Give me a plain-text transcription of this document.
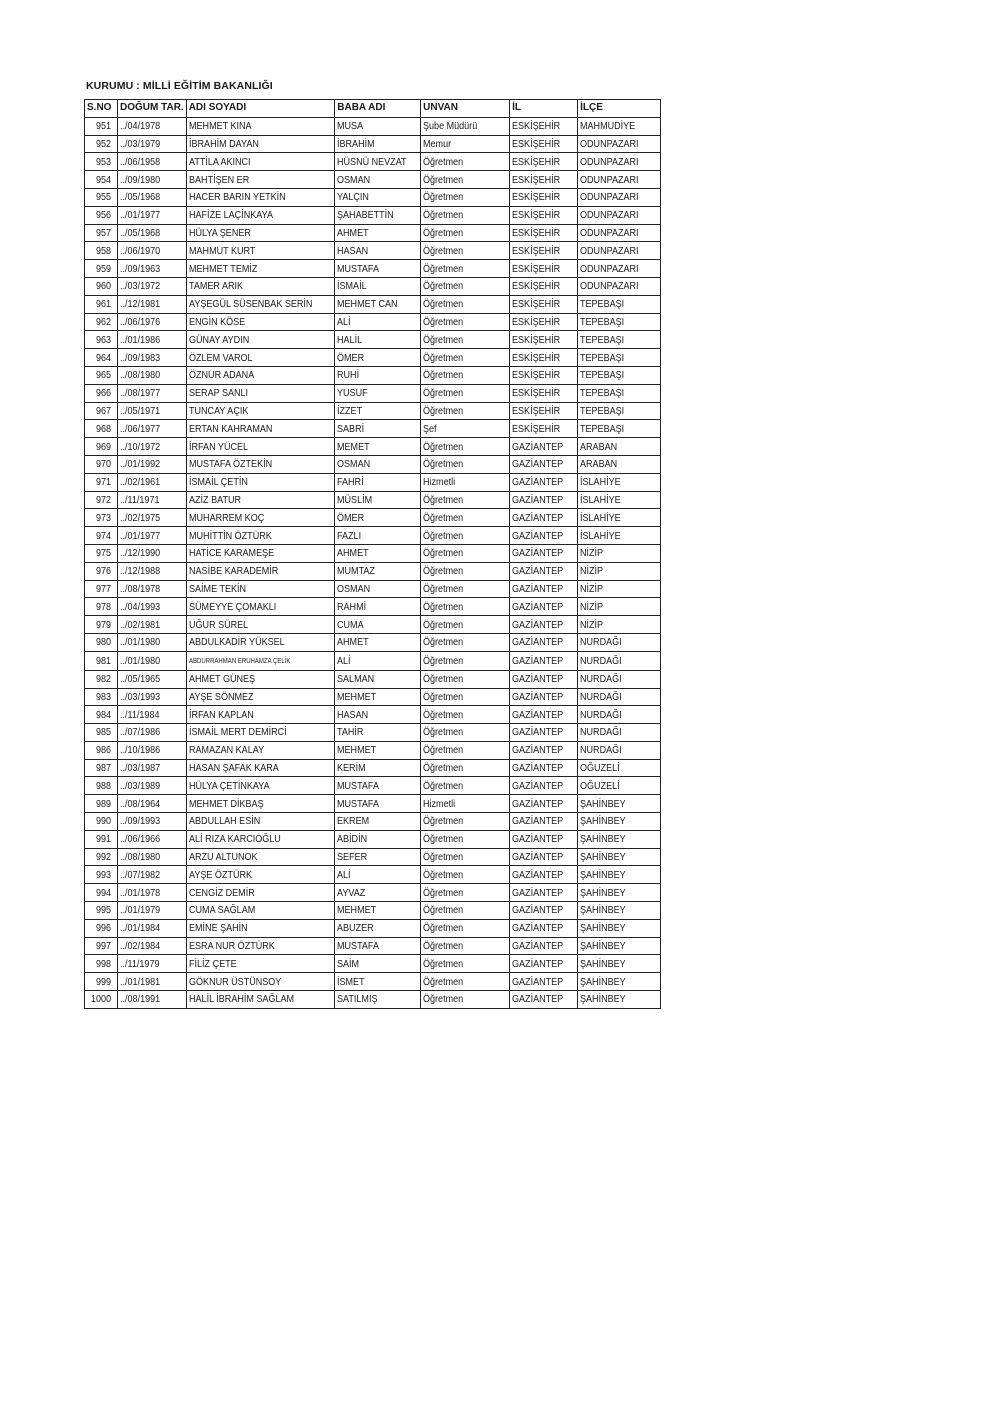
KURUMU : MİLLİ EĞİTİM BAKANLIĞI
S.NO	DOĞUM TAR.	ADI SOYADI	BABA ADI	UNVAN	İL	İLÇE
951	../04/1978	MEHMET KINA	MUSA	Şube Müdürü	ESKİŞEHİR	MAHMUDİYE
952	../03/1979	İBRAHİM DAYAN	İBRAHİM	Memur	ESKİŞEHİR	ODUNPAZARI
953	../06/1958	ATTİLA AKINCI	HÜSNÜ NEVZAT	Öğretmen	ESKİŞEHİR	ODUNPAZARI
954	../09/1980	BAHTİŞEN ER	OSMAN	Öğretmen	ESKİŞEHİR	ODUNPAZARI
955	../05/1968	HACER BARIN YETKİN	YALÇIN	Öğretmen	ESKİŞEHİR	ODUNPAZARI
956	../01/1977	HAFİZE LAÇİNKAYA	ŞAHABETTİN	Öğretmen	ESKİŞEHİR	ODUNPAZARI
957	../05/1968	HÜLYA ŞENER	AHMET	Öğretmen	ESKİŞEHİR	ODUNPAZARI
958	../06/1970	MAHMUT KURT	HASAN	Öğretmen	ESKİŞEHİR	ODUNPAZARI
959	../09/1963	MEHMET TEMİZ	MUSTAFA	Öğretmen	ESKİŞEHİR	ODUNPAZARI
960	../03/1972	TAMER ARIK	İSMAİL	Öğretmen	ESKİŞEHİR	ODUNPAZARI
961	../12/1981	AYŞEGÜL SÜSENBAK SERİN	MEHMET CAN	Öğretmen	ESKİŞEHİR	TEPEBAŞI
962	../06/1976	ENGİN KÖSE	ALİ	Öğretmen	ESKİŞEHİR	TEPEBAŞI
963	../01/1986	GÜNAY AYDIN	HALİL	Öğretmen	ESKİŞEHİR	TEPEBAŞI
964	../09/1983	ÖZLEM VAROL	ÖMER	Öğretmen	ESKİŞEHİR	TEPEBAŞI
965	../08/1980	ÖZNUR ADANA	RUHİ	Öğretmen	ESKİŞEHİR	TEPEBAŞI
966	../08/1977	SERAP SANLI	YUSUF	Öğretmen	ESKİŞEHİR	TEPEBAŞI
967	../05/1971	TUNCAY AÇIK	İZZET	Öğretmen	ESKİŞEHİR	TEPEBAŞI
968	../06/1977	ERTAN KAHRAMAN	SABRİ	Şef	ESKİŞEHİR	TEPEBAŞI
969	../10/1972	İRFAN YÜCEL	MEMET	Öğretmen	GAZİANTEP	ARABAN
970	../01/1992	MUSTAFA ÖZTEKİN	OSMAN	Öğretmen	GAZİANTEP	ARABAN
971	../02/1961	İSMAİL ÇETİN	FAHRİ	Hizmetli	GAZİANTEP	İSLAHİYE
972	../11/1971	AZİZ BATUR	MÜSLİM	Öğretmen	GAZİANTEP	İSLAHİYE
973	../02/1975	MUHARREM KOÇ	ÖMER	Öğretmen	GAZİANTEP	İSLAHİYE
974	../01/1977	MUHİTTİN ÖZTÜRK	FAZLI	Öğretmen	GAZİANTEP	İSLAHİYE
975	../12/1990	HATİCE KARAMEŞE	AHMET	Öğretmen	GAZİANTEP	NİZİP
976	../12/1988	NASİBE KARADEMİR	MUMTAZ	Öğretmen	GAZİANTEP	NİZİP
977	../08/1978	SAİME TEKİN	OSMAN	Öğretmen	GAZİANTEP	NİZİP
978	../04/1993	SÜMEYYE ÇOMAKLI	RAHMİ	Öğretmen	GAZİANTEP	NİZİP
979	../02/1981	UĞUR SÜREL	CUMA	Öğretmen	GAZİANTEP	NİZİP
980	../01/1980	ABDULKADİR YÜKSEL	AHMET	Öğretmen	GAZİANTEP	NURDAĞI
981	../01/1980	ABDURRAHMAN ERUHAMZA ÇELİK	ALİ	Öğretmen	GAZİANTEP	NURDAĞI
982	../05/1965	AHMET GÜNEŞ	SALMAN	Öğretmen	GAZİANTEP	NURDAĞI
983	../03/1993	AYŞE SÖNMEZ	MEHMET	Öğretmen	GAZİANTEP	NURDAĞI
984	../11/1984	İRFAN KAPLAN	HASAN	Öğretmen	GAZİANTEP	NURDAĞI
985	../07/1986	İSMAİL MERT DEMİRCİ	TAHİR	Öğretmen	GAZİANTEP	NURDAĞI
986	../10/1986	RAMAZAN KALAY	MEHMET	Öğretmen	GAZİANTEP	NURDAĞI
987	../03/1987	HASAN ŞAFAK KARA	KERİM	Öğretmen	GAZİANTEP	OĞUZELİ
988	../03/1989	HÜLYA ÇETİNKAYA	MUSTAFA	Öğretmen	GAZİANTEP	OĞUZELİ
989	../08/1964	MEHMET DİKBAŞ	MUSTAFA	Hizmetli	GAZİANTEP	ŞAHİNBEY
990	../09/1993	ABDULLAH ESİN	EKREM	Öğretmen	GAZİANTEP	ŞAHİNBEY
991	../06/1966	ALİ RIZA KARCIOĞLU	ABİDİN	Öğretmen	GAZİANTEP	ŞAHİNBEY
992	../08/1980	ARZU ALTUNOK	SEFER	Öğretmen	GAZİANTEP	ŞAHİNBEY
993	../07/1982	AYŞE ÖZTÜRK	ALİ	Öğretmen	GAZİANTEP	ŞAHİNBEY
994	../01/1978	CENGİZ DEMİR	AYVAZ	Öğretmen	GAZİANTEP	ŞAHİNBEY
995	../01/1979	CUMA SAĞLAM	MEHMET	Öğretmen	GAZİANTEP	ŞAHİNBEY
996	../01/1984	EMİNE ŞAHİN	ABUZER	Öğretmen	GAZİANTEP	ŞAHİNBEY
997	../02/1984	ESRA NUR ÖZTÜRK	MUSTAFA	Öğretmen	GAZİANTEP	ŞAHİNBEY
998	../11/1979	FİLİZ ÇETE	SAİM	Öğretmen	GAZİANTEP	ŞAHİNBEY
999	../01/1981	GÖKNUR ÜSTÜNSOY	İSMET	Öğretmen	GAZİANTEP	ŞAHİNBEY
1000	../08/1991	HALİL İBRAHİM SAĞLAM	SATILMIŞ	Öğretmen	GAZİANTEP	ŞAHİNBEY
